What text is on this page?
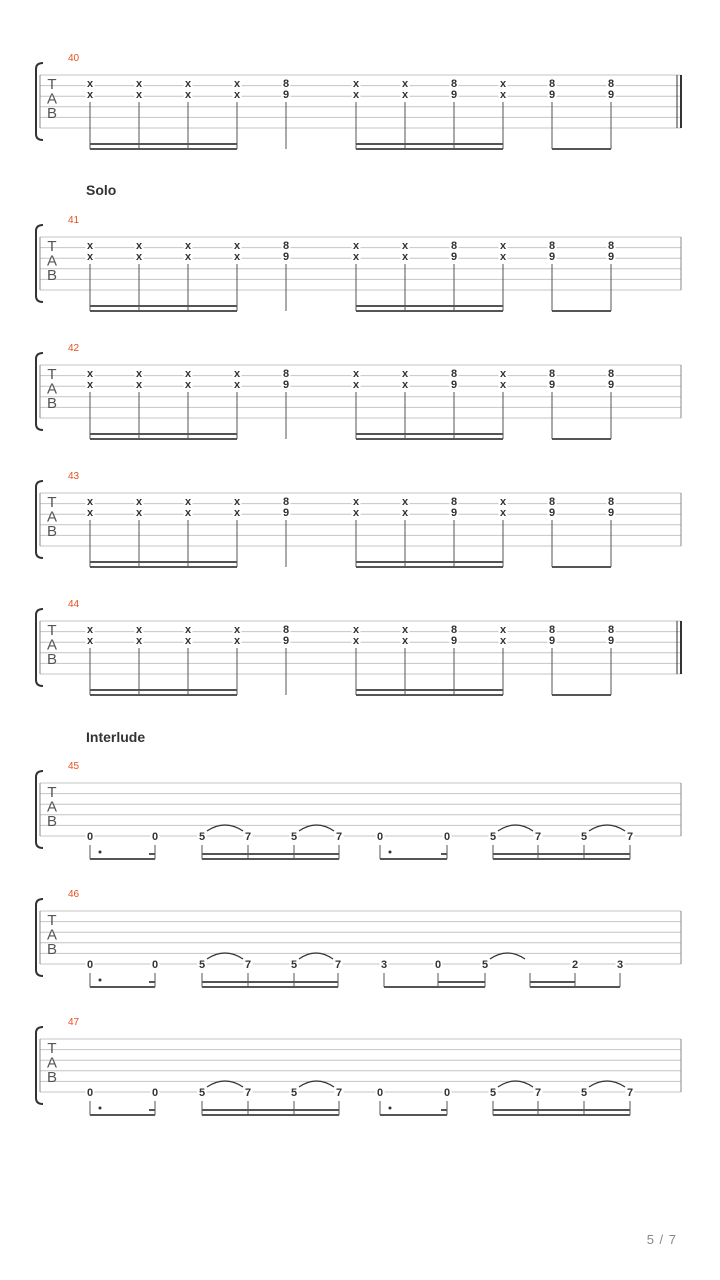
Solo
Interlude
T
A
B
40
x
x
x
x
x
x
x
x
8
9
x
x
x
x
8
9
x
x
8
9
8
9
T
A
B
41
x
x
x
x
x
x
x
x
8
9
x
x
x
x
8
9
x
x
8
9
8
9
T
A
B
42
x
x
x
x
x
x
x
x
8
9
x
x
x
x
8
9
x
x
8
9
8
9
T
A
B
43
x
x
x
x
x
x
x
x
8
9
x
x
x
x
8
9
x
x
8
9
8
9
T
A
B
44
x
x
x
x
x
x
x
x
8
9
x
x
x
x
8
9
x
x
8
9
8
9
T
A
B
45
0	0	5	7	5	7	0	0	5	7	5	7
T
A
B
46
0	0	5	7	5	7	3	0	5	2	3
T
A
B
47
0	0	5	7	5	7	0	0	5	7	5	7
5 / 7
